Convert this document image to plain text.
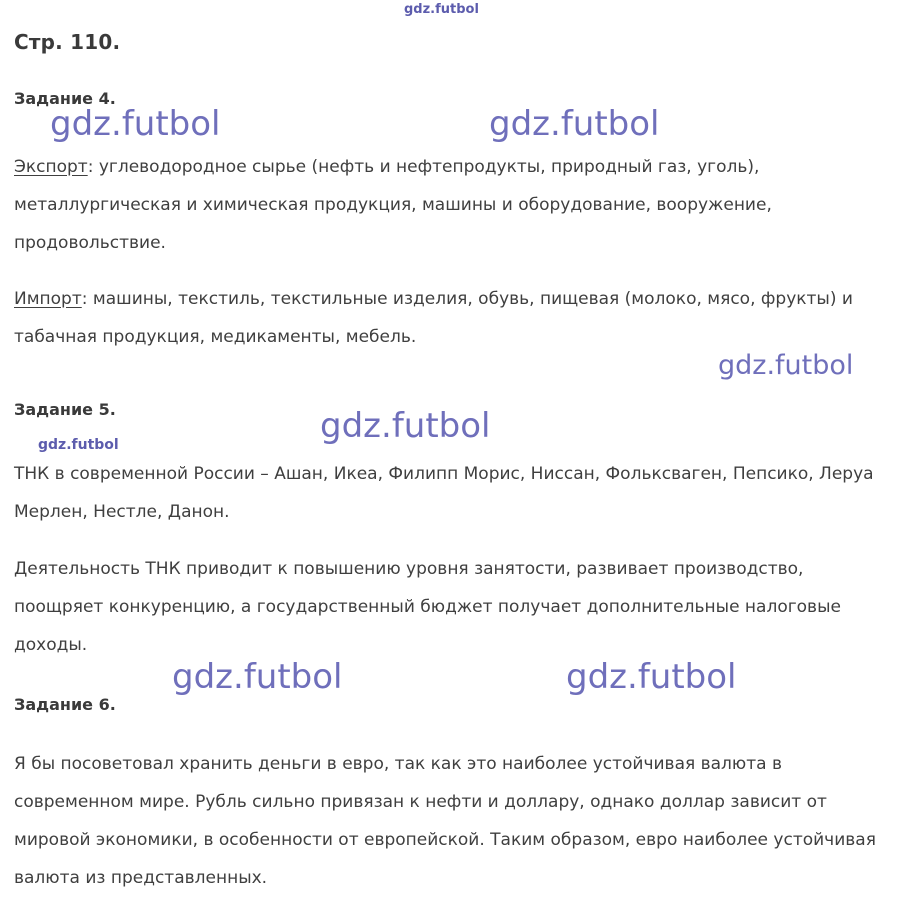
Стр. 110.
Задание 4.
Экспорт: углеводородное сырье (нефть и нефтепродукты, природный газ, уголь), металлургическая и химическая продукция, машины и оборудование, вооружение, продовольствие.
Импорт: машины, текстиль, текстильные изделия, обувь, пищевая (молоко, мясо, фрукты) и табачная продукция, медикаменты, мебель.
Задание 5.
ТНК в современной России – Ашан, Икеа, Филипп Морис, Ниссан, Фольксваген, Пепсико, Леруа Мерлен, Нестле, Данон.
Деятельность ТНК приводит к повышению уровня занятости, развивает производство, поощряет конкуренцию, а государственный бюджет получает дополнительные налоговые доходы.
Задание 6.
Я бы посоветовал хранить деньги в евро, так как это наиболее устойчивая валюта в современном мире. Рубль сильно привязан к нефти и доллару, однако доллар зависит от мировой экономики, в особенности от европейской. Таким образом, евро наиболее устойчивая валюта из представленных.
gdz.futbol
gdz.futbol	gdz.futbol
gdz.futbol
gdz.futbol
gdz.futbol
gdz.futbol	gdz.futbol
